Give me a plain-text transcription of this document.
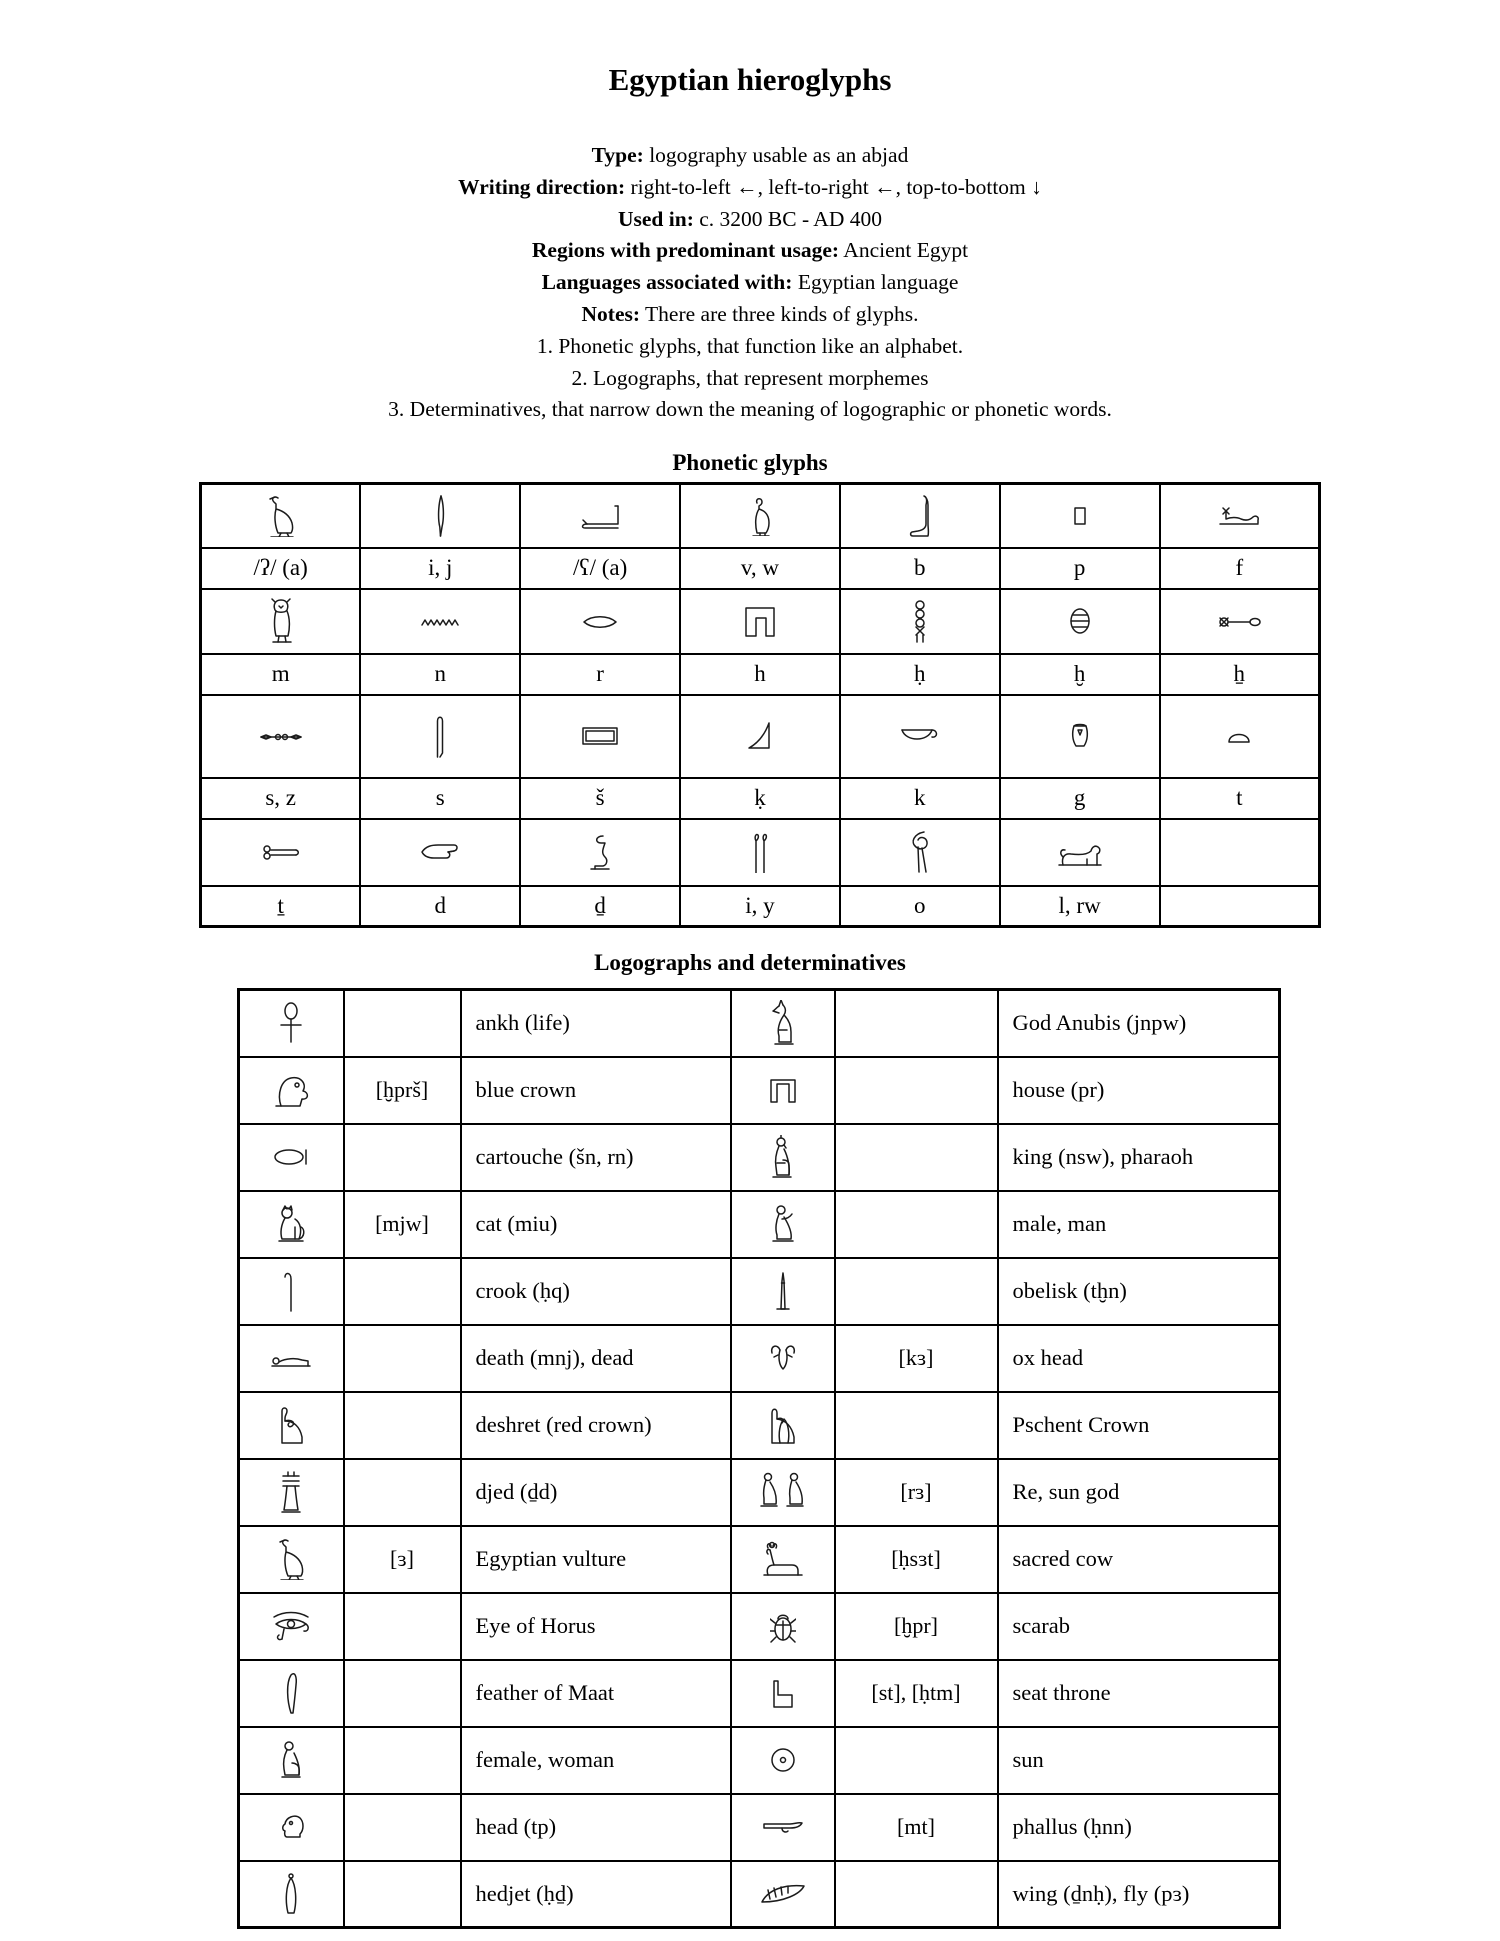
Egyptian hieroglyphs
Type: logography usable as an abjad
Writing direction: right-to-left ←, left-to-right ←, top-to-bottom ↓
Used in: c. 3200 BC - AD 400
Regions with predominant usage: Ancient Egypt
Languages associated with: Egyptian language
Notes: There are three kinds of glyphs.
1. Phonetic glyphs, that function like an alphabet.
2. Logographs, that represent morphemes
3. Determinatives, that narrow down the meaning of logographic or phonetic words.
Phonetic glyphs

/ʔ/ (a)	i, j	/ʕ/ (a)	v, w	b	p	f

m	n	r	h	ḥ	ḫ	ẖ

s, z	s	š	ḳ	k	g	t

ṯ	d	ḏ	i, y	o	l, rw	
Logographs and determinatives
		ankh (life)			God Anubis (jnpw)
	[ḫprš]	blue crown			house (pr)
		cartouche (šn, rn)			king (nsw), pharaoh
	[mjw]	cat (miu)			male, man
		crook (ḥq)			obelisk (tḫn)
		death (mnj), dead		[kɜ]	ox head
		deshret (red crown)			Pschent Crown
		djed (ḏd)		[rɜ]	Re, sun god
	[ɜ]	Egyptian vulture		[ḥsɜt]	sacred cow
		Eye of Horus		[ḫpr]	scarab
		feather of Maat		[st], [ḥtm]	seat throne
		female, woman			sun
		head (tp)		[mt]	phallus (ḥnn)
		hedjet (ḥḏ)			wing (ḏnḥ), fly (pɜ)
